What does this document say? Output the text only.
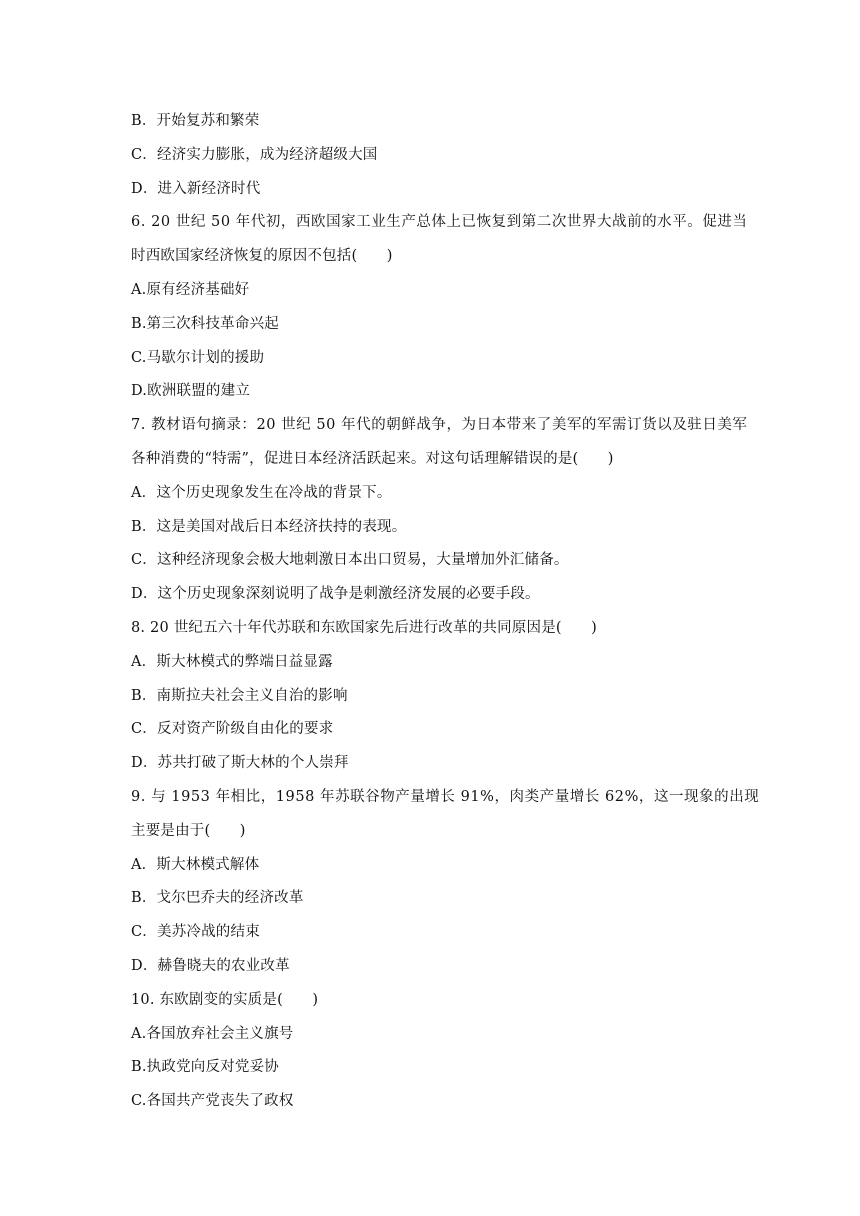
B．开始复苏和繁荣
C．经济实力膨胀，成为经济超级大国
D．进入新经济时代
6. 20 世纪 50 年代初，西欧国家工业生产总体上已恢复到第二次世界大战前的水平。促进当
时西欧国家经济恢复的原因不包括(　　)
A.原有经济基础好
B.第三次科技革命兴起
C.马歇尔计划的援助
D.欧洲联盟的建立
7. 教材语句摘录：20 世纪 50 年代的朝鲜战争，为日本带来了美军的军需订货以及驻日美军
各种消费的“特需”，促进日本经济活跃起来。对这句话理解错误的是(　　)
A．这个历史现象发生在冷战的背景下。
B．这是美国对战后日本经济扶持的表现。
C．这种经济现象会极大地刺激日本出口贸易，大量增加外汇储备。
D．这个历史现象深刻说明了战争是刺激经济发展的必要手段。
8. 20 世纪五六十年代苏联和东欧国家先后进行改革的共同原因是(　　)
A．斯大林模式的弊端日益显露
B．南斯拉夫社会主义自治的影响
C．反对资产阶级自由化的要求
D．苏共打破了斯大林的个人崇拜
9. 与 1953 年相比，1958 年苏联谷物产量增长 91%，肉类产量增长 62%，这一现象的出现
主要是由于(　　)
A．斯大林模式解体
B．戈尔巴乔夫的经济改革
C．美苏冷战的结束
D．赫鲁晓夫的农业改革
10. 东欧剧变的实质是(　　)
A.各国放弃社会主义旗号
B.执政党向反对党妥协
C.各国共产党丧失了政权
